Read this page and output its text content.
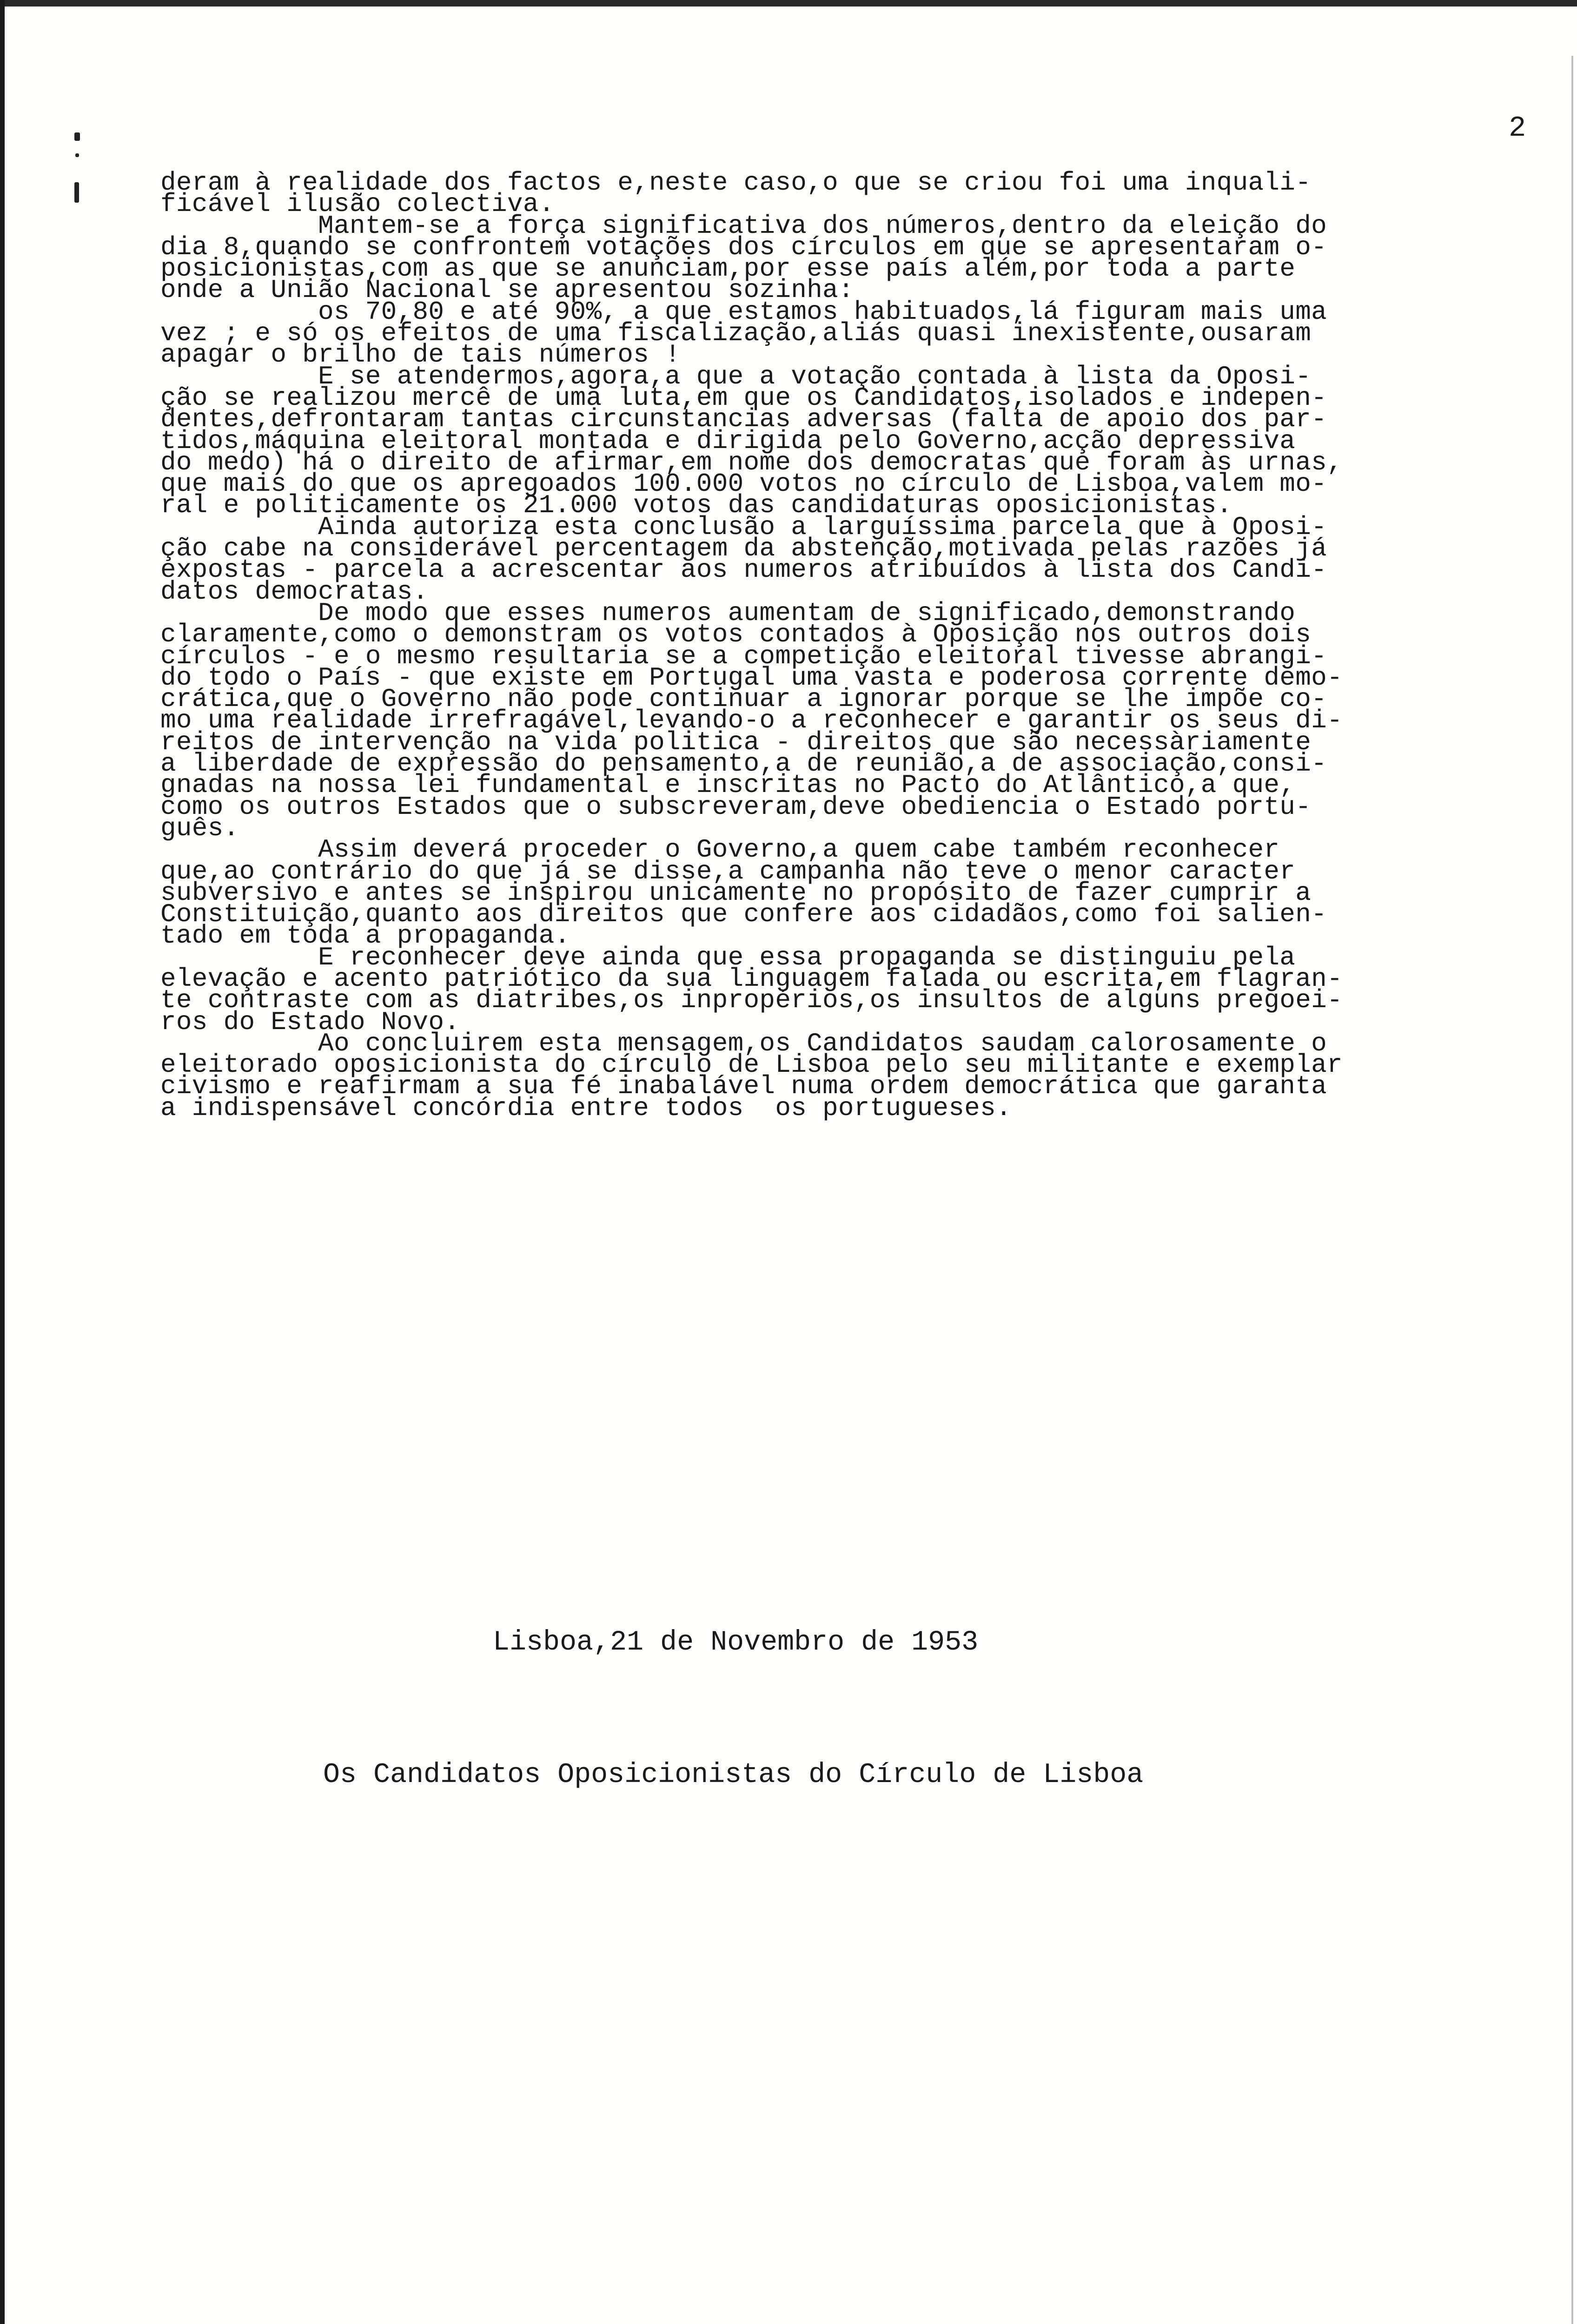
2
deram à realidade dos factos e,neste caso,o que se criou foi uma inquali-
ficável ilusão colectiva.
Mantem-se a força significativa dos números,dentro da eleição do
dia 8,quando se confrontem votações dos círculos em que se apresentaram o-
posicionistas,com as que se anunciam,por esse país além,por toda a parte
onde a União Nacional se apresentou sozinha:
os 70,80 e até 90%, a que estamos habituados,lá figuram mais uma
vez ; e só os efeitos de uma fiscalização,aliás quasi inexistente,ousaram
apagar o brilho de tais números !
E se atendermos,agora,a que a votação contada à lista da Oposi-
ção se realizou mercê de uma luta,em que os Candidatos,isolados e indepen-
dentes,defrontaram tantas circunstancias adversas (falta de apoio dos par-
tidos,máquina eleitoral montada e dirigida pelo Governo,acção depressiva
do medo) há o direito de afirmar,em nome dos democratas que foram às urnas,
que mais do que os apregoados 100.000 votos no círculo de Lisboa,valem mo-
ral e politicamente os 21.000 votos das candidaturas oposicionistas.
Ainda autoriza esta conclusão a larguíssima parcela que à Oposi-
ção cabe na considerável percentagem da abstenção,motivada pelas razões já
expostas - parcela a acrescentar aos numeros atribuídos à lista dos Candi-
datos democratas.
De modo que esses numeros aumentam de significado,demonstrando
claramente,como o demonstram os votos contados à Oposição nos outros dois
círculos - e o mesmo resultaria se a competição eleitoral tivesse abrangi-
do todo o País - que existe em Portugal uma vasta e poderosa corrente demo-
crática,que o Governo não pode continuar a ignorar porque se lhe impõe co-
mo uma realidade irrefragável,levando-o a reconhecer e garantir os seus di-
reitos de intervenção na vida politica - direitos que são necessàriamente
a liberdade de expressão do pensamento,a de reunião,a de associação,consi-
gnadas na nossa lei fundamental e inscritas no Pacto do Atlântico,a que,
como os outros Estados que o subscreveram,deve obediencia o Estado portu-
guês.
Assim deverá proceder o Governo,a quem cabe também reconhecer
que,ao contrário do que já se disse,a campanha não teve o menor caracter
subversivo e antes se inspirou unicamente no propósito de fazer cumprir a
Constituição,quanto aos direitos que confere aos cidadãos,como foi salien-
tado em toda a propaganda.
E reconhecer deve ainda que essa propaganda se distinguiu pela
elevação e acento patriótico da sua linguagem falada ou escrita,em flagran-
te contraste com as diatribes,os inpropérios,os insultos de alguns pregoei-
ros do Estado Novo.
Ao concluirem esta mensagem,os Candidatos saudam calorosamente o
eleitorado oposicionista do círculo de Lisboa pelo seu militante e exemplar
civismo e reafirmam a sua fé inabalável numa ordem democrática que garanta
a indispensável concórdia entre todos  os portugueses.
Lisboa,21 de Novembro de 1953
Os Candidatos Oposicionistas do Círculo de Lisboa
